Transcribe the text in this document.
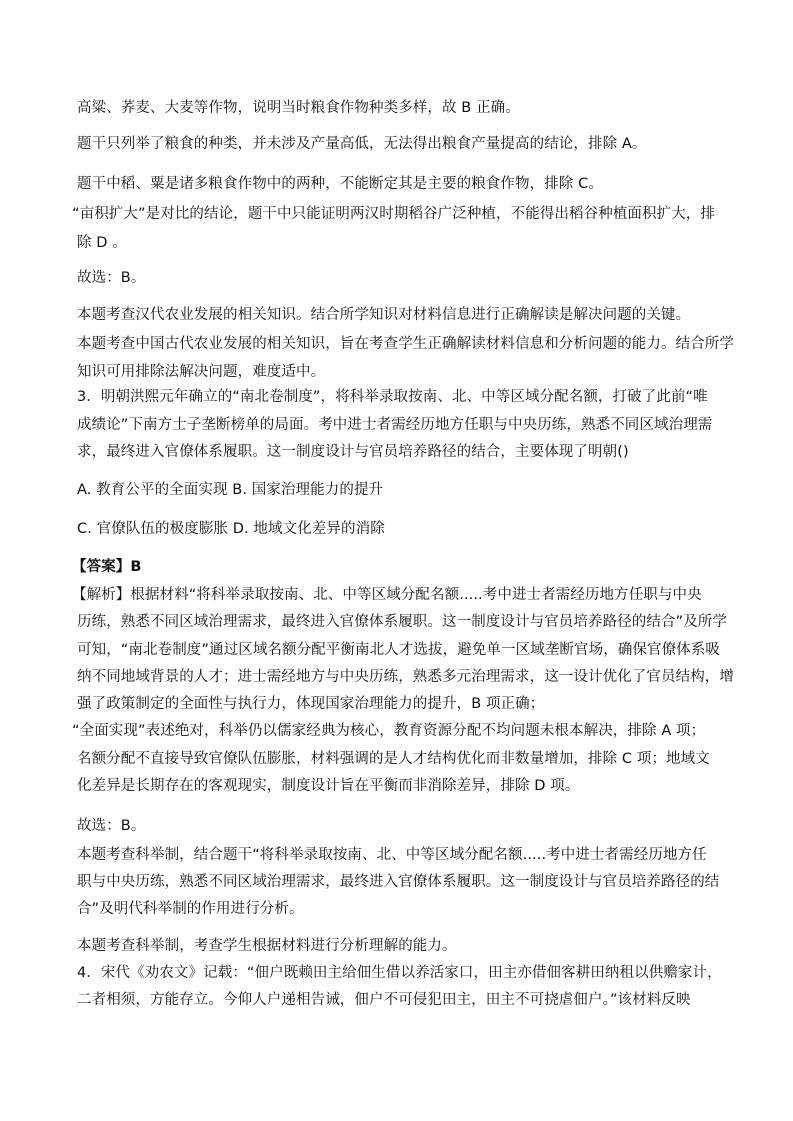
高粱、荞麦、大麦等作物，说明当时粮食作物种类多样，故 B 正确。
题干只列举了粮食的种类，并未涉及产量高低，无法得出粮食产量提高的结论，排除 A。
题干中稻、粟是诸多粮食作物中的两种，不能断定其是主要的粮食作物，排除 C。
“亩积扩大”是对比的结论，题干中只能证明两汉时期稻谷广泛种植，不能得出稻谷种植面积扩大，排
除 D 。
故选：B。
本题考查汉代农业发展的相关知识。结合所学知识对材料信息进行正确解读是解决问题的关键。
本题考查中国古代农业发展的相关知识，旨在考查学生正确解读材料信息和分析问题的能力。结合所学
知识可用排除法解决问题，难度适中。
3．明朝洪熙元年确立的“南北卷制度”，将科举录取按南、北、中等区域分配名额，打破了此前“唯
成绩论”下南方士子垄断榜单的局面。考中进士者需经历地方任职与中央历练，熟悉不同区域治理需
求，最终进入官僚体系履职。这一制度设计与官员培养路径的结合，主要体现了明朝()
A. 教育公平的全面实现 B. 国家治理能力的提升
C. 官僚队伍的极度膨胀 D. 地域文化差异的消除
【答案】B
【解析】根据材料“将科举录取按南、北、中等区域分配名额.....考中进士者需经历地方任职与中央
历练，熟悉不同区域治理需求，最终进入官僚体系履职。这一制度设计与官员培养路径的结合”及所学
可知，“南北卷制度”通过区域名额分配平衡南北人才选拔，避免单一区域垄断官场，确保官僚体系吸
纳不同地域背景的人才；进士需经地方与中央历练，熟悉多元治理需求，这一设计优化了官员结构，增
强了政策制定的全面性与执行力，体现国家治理能力的提升，B 项正确；
“全面实现”表述绝对，科举仍以儒家经典为核心，教育资源分配不均问题未根本解决，排除 A 项；
名额分配不直接导致官僚队伍膨胀，材料强调的是人才结构优化而非数量增加，排除 C 项；地域文
化差异是长期存在的客观现实，制度设计旨在平衡而非消除差异，排除 D 项。
故选：B。
本题考查科举制，结合题干“将科举录取按南、北、中等区域分配名额.....考中进士者需经历地方任
职与中央历练，熟悉不同区域治理需求，最终进入官僚体系履职。这一制度设计与官员培养路径的结
合”及明代科举制的作用进行分析。
本题考查科举制，考查学生根据材料进行分析理解的能力。
4．宋代《劝农文》记载：“佃户既赖田主给佃生借以养活家口，田主亦借佃客耕田纳租以供赡家计，
二者相须，方能存立。今仰人户递相告诫，佃户不可侵犯田主，田主不可挠虐佃户。”该材料反映
